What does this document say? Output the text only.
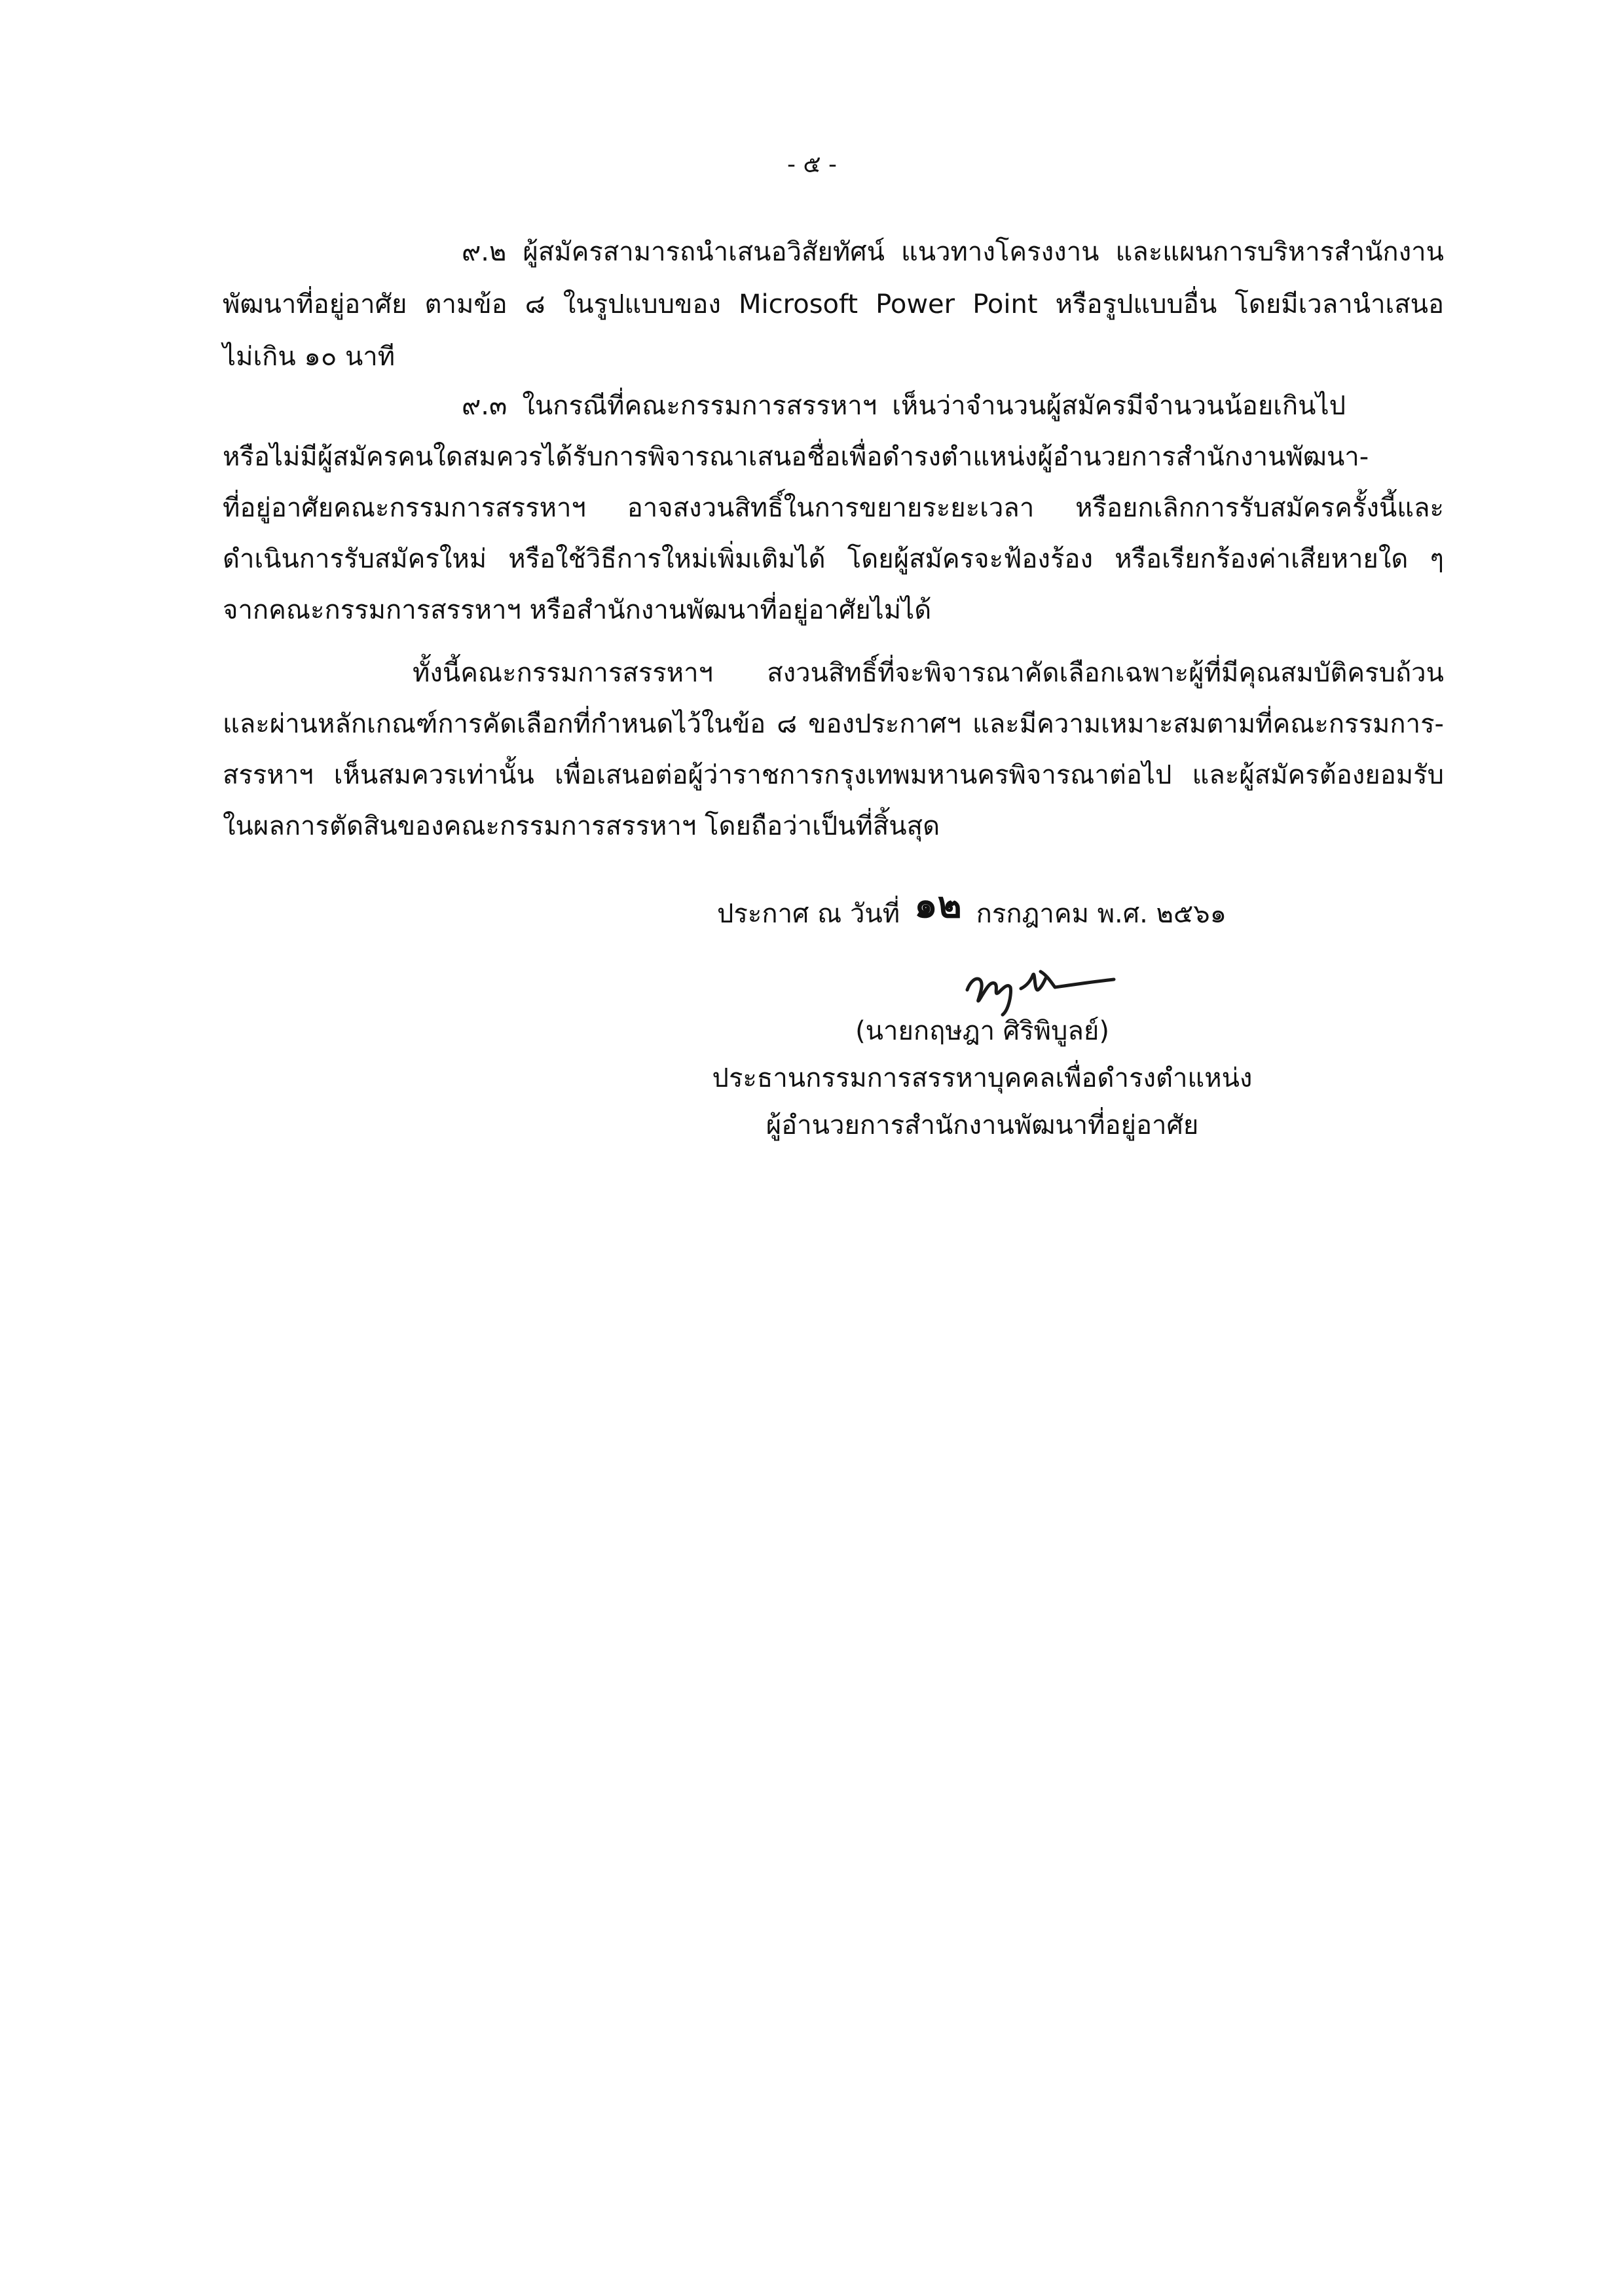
- ๕ -
๙.๒ ผู้สมัครสามารถนำเสนอวิสัยทัศน์ แนวทางโครงงาน และแผนการบริหารสำนักงาน
พัฒนาที่อยู่อาศัย ตามข้อ ๘ ในรูปแบบของ Microsoft Power Point หรือรูปแบบอื่น โดยมีเวลานำเสนอ
ไม่เกิน ๑๐ นาที
๙.๓ ในกรณีที่คณะกรรมการสรรหาฯ เห็นว่าจำนวนผู้สมัครมีจำนวนน้อยเกินไป
หรือไม่มีผู้สมัครคนใดสมควรได้รับการพิจารณาเสนอชื่อเพื่อดำรงตำแหน่งผู้อำนวยการสำนักงานพัฒนา-
ที่อยู่อาศัยคณะกรรมการสรรหาฯ อาจสงวนสิทธิ์ในการขยายระยะเวลา หรือยกเลิกการรับสมัครครั้งนี้และ
ดำเนินการรับสมัครใหม่ หรือใช้วิธีการใหม่เพิ่มเติมได้ โดยผู้สมัครจะฟ้องร้อง หรือเรียกร้องค่าเสียหายใด ๆ
จากคณะกรรมการสรรหาฯ หรือสำนักงานพัฒนาที่อยู่อาศัยไม่ได้
ทั้งนี้คณะกรรมการสรรหาฯ สงวนสิทธิ์ที่จะพิจารณาคัดเลือกเฉพาะผู้ที่มีคุณสมบัติครบถ้วน
และผ่านหลักเกณฑ์การคัดเลือกที่กำหนดไว้ในข้อ ๘ ของประกาศฯ และมีความเหมาะสมตามที่คณะกรรมการ-
สรรหาฯ เห็นสมควรเท่านั้น เพื่อเสนอต่อผู้ว่าราชการกรุงเทพมหานครพิจารณาต่อไป และผู้สมัครต้องยอมรับ
ในผลการตัดสินของคณะกรรมการสรรหาฯ โดยถือว่าเป็นที่สิ้นสุด
ประกาศ ณ วันที่ ๑๒ กรกฎาคม พ.ศ. ๒๕๖๑
(นายกฤษฎา ศิริพิบูลย์)
ประธานกรรมการสรรหาบุคคลเพื่อดำรงตำแหน่ง
ผู้อำนวยการสำนักงานพัฒนาที่อยู่อาศัย
